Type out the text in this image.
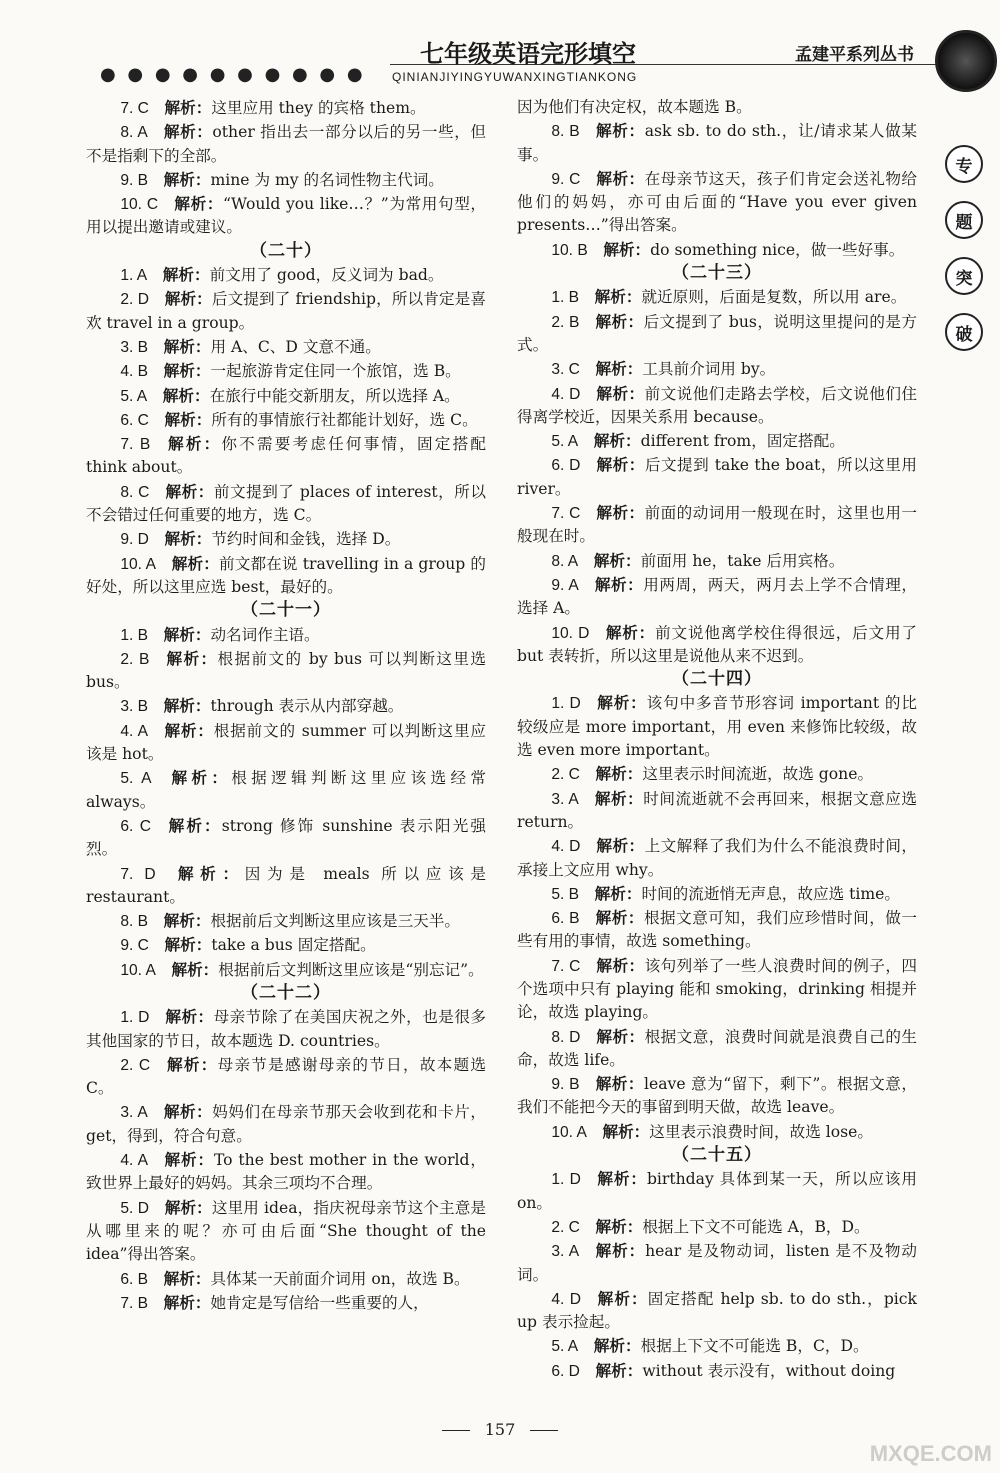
● ● ● ● ● ● ● ● ● ●
七年级英语完形填空
QINIANJIYINGYUWANXINGTIANKONG
孟建平系列丛书
专
题
突
破
7. C  解析：这里应用 they 的宾格 them。
8. A  解析：other 指出去一部分以后的另一些，但不是指剩下的全部。
9. B  解析：mine 为 my 的名词性物主代词。
10. C  解析：“Would you like…？”为常用句型，用以提出邀请或建议。
（二十）
1. A  解析：前文用了 good，反义词为 bad。
2. D  解析：后文提到了 friendship，所以肯定是喜欢 travel in a group。
3. B  解析：用 A、C、D 文意不通。
4. B  解析：一起旅游肯定住同一个旅馆，选 B。
5. A  解析：在旅行中能交新朋友，所以选择 A。
6. C  解析：所有的事情旅行社都能计划好，选 C。
7. B  解析：你不需要考虑任何事情，固定搭配 think about。
8. C  解析：前文提到了 places of interest，所以不会错过任何重要的地方，选 C。
9. D  解析：节约时间和金钱，选择 D。
10. A  解析：前文都在说 travelling in a group 的好处，所以这里应选 best，最好的。
（二十一）
1. B  解析：动名词作主语。
2. B  解析：根据前文的 by bus 可以判断这里选 bus。
3. B  解析：through 表示从内部穿越。
4. A  解析：根据前文的 summer 可以判断这里应该是 hot。
5. A  解析：根据逻辑判断这里应该选经常 always。
6. C  解析：strong 修饰 sunshine 表示阳光强烈。
7. D  解析：因为是 meals 所以应该是 restaurant。
8. B  解析：根据前后文判断这里应该是三天半。
9. C  解析：take a bus 固定搭配。
10. A  解析：根据前后文判断这里应该是“别忘记”。
（二十二）
1. D  解析：母亲节除了在美国庆祝之外，也是很多其他国家的节日，故本题选 D. countries。
2. C  解析：母亲节是感谢母亲的节日，故本题选 C。
3. A  解析：妈妈们在母亲节那天会收到花和卡片，get，得到，符合句意。
4. A  解析：To the best mother in the world，致世界上最好的妈妈。其余三项均不合理。
5. D  解析：这里用 idea，指庆祝母亲节这个主意是从哪里来的呢？亦可由后面“She thought of the idea”得出答案。
6. B  解析：具体某一天前面介词用 on，故选 B。
7. B  解析：她肯定是写信给一些重要的人，
因为他们有决定权，故本题选 B。
8. B  解析：ask sb. to do sth.，让/请求某人做某事。
9. C  解析：在母亲节这天，孩子们肯定会送礼物给他们的妈妈，亦可由后面的“Have you ever given presents…”得出答案。
10. B  解析：do something nice，做一些好事。
（二十三）
1. B  解析：就近原则，后面是复数，所以用 are。
2. B  解析：后文提到了 bus，说明这里提问的是方式。
3. C  解析：工具前介词用 by。
4. D  解析：前文说他们走路去学校，后文说他们住得离学校近，因果关系用 because。
5. A  解析：different from，固定搭配。
6. D  解析：后文提到 take the boat，所以这里用 river。
7. C  解析：前面的动词用一般现在时，这里也用一般现在时。
8. A  解析：前面用 he，take 后用宾格。
9. A  解析：用两周，两天，两月去上学不合情理，选择 A。
10. D  解析：前文说他离学校住得很远，后文用了 but 表转折，所以这里是说他从来不迟到。
（二十四）
1. D  解析：该句中多音节形容词 important 的比较级应是 more important，用 even 来修饰比较级，故选 even more important。
2. C  解析：这里表示时间流逝，故选 gone。
3. A  解析：时间流逝就不会再回来，根据文意应选 return。
4. D  解析：上文解释了我们为什么不能浪费时间，承接上文应用 why。
5. B  解析：时间的流逝悄无声息，故应选 time。
6. B  解析：根据文意可知，我们应珍惜时间，做一些有用的事情，故选 something。
7. C  解析：该句列举了一些人浪费时间的例子，四个选项中只有 playing 能和 smoking，drinking 相提并论，故选 playing。
8. D  解析：根据文意，浪费时间就是浪费自己的生命，故选 life。
9. B  解析：leave 意为“留下，剩下”。根据文意，我们不能把今天的事留到明天做，故选 leave。
10. A  解析：这里表示浪费时间，故选 lose。
（二十五）
1. D  解析：birthday 具体到某一天，所以应该用 on。
2. C  解析：根据上下文不可能选 A，B，D。
3. A  解析：hear 是及物动词，listen 是不及物动词。
4. D  解析：固定搭配 help sb. to do sth.，pick up 表示捡起。
5. A  解析：根据上下文不可能选 B，C，D。
6. D  解析：without 表示没有，without doing
157
MXQE.COM
